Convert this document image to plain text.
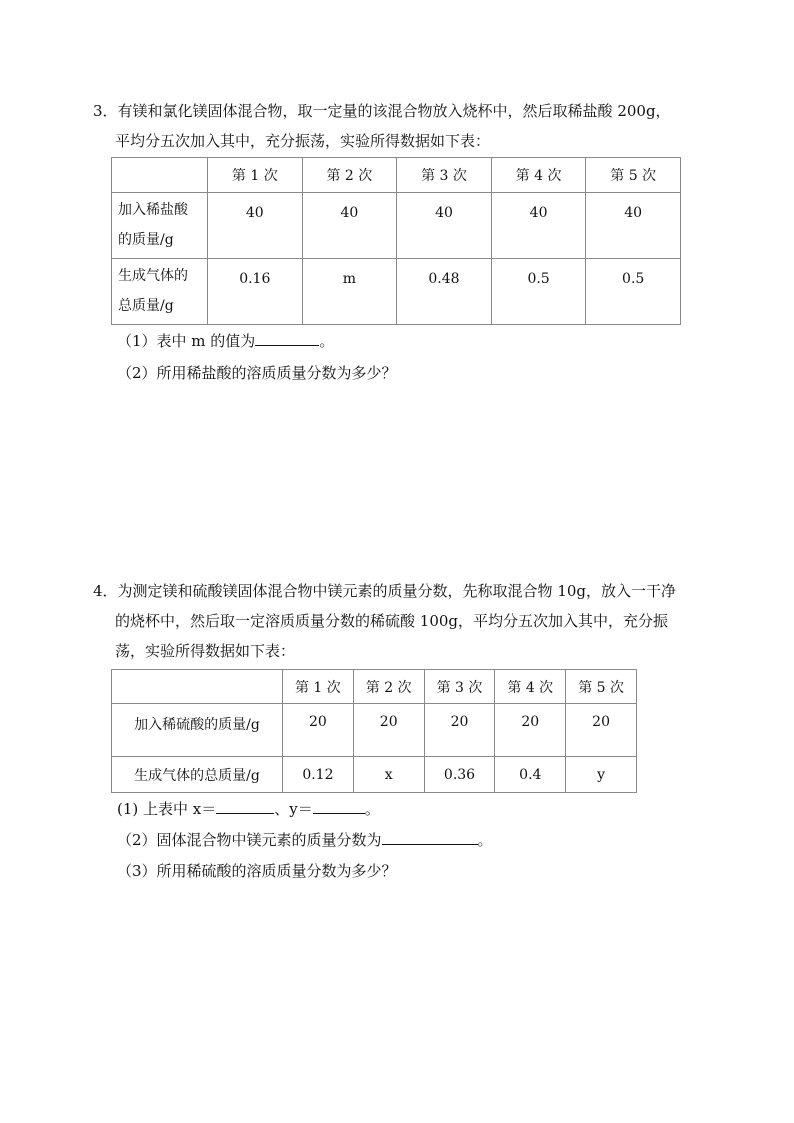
3．有镁和氯化镁固体混合物，取一定量的该混合物放入烧杯中，然后取稀盐酸 200g，
平均分五次加入其中，充分振荡，实验所得数据如下表：
	第 1 次	第 2 次	第 3 次	第 4 次	第 5 次

加入稀盐酸
的质量/g	40	40	40	40	40

生成气体的
总质量/g	0.16	m	0.48	0.5	0.5
（1）表中 m 的值为	。
（2）所用稀盐酸的溶质质量分数为多少？
4．为测定镁和硫酸镁固体混合物中镁元素的质量分数，先称取混合物 10g，放入一干净
的烧杯中，然后取一定溶质质量分数的稀硫酸 100g，平均分五次加入其中，充分振
荡，实验所得数据如下表：
	第 1 次	第 2 次	第 3 次	第 4 次	第 5 次
加入稀硫酸的质量/g	20	20	20	20	20
生成气体的总质量/g	0.12	x	0.36	0.4	y
(1) 上表中 x＝	、y＝	。
（2）固体混合物中镁元素的质量分数为	。
（3）所用稀硫酸的溶质质量分数为多少？
